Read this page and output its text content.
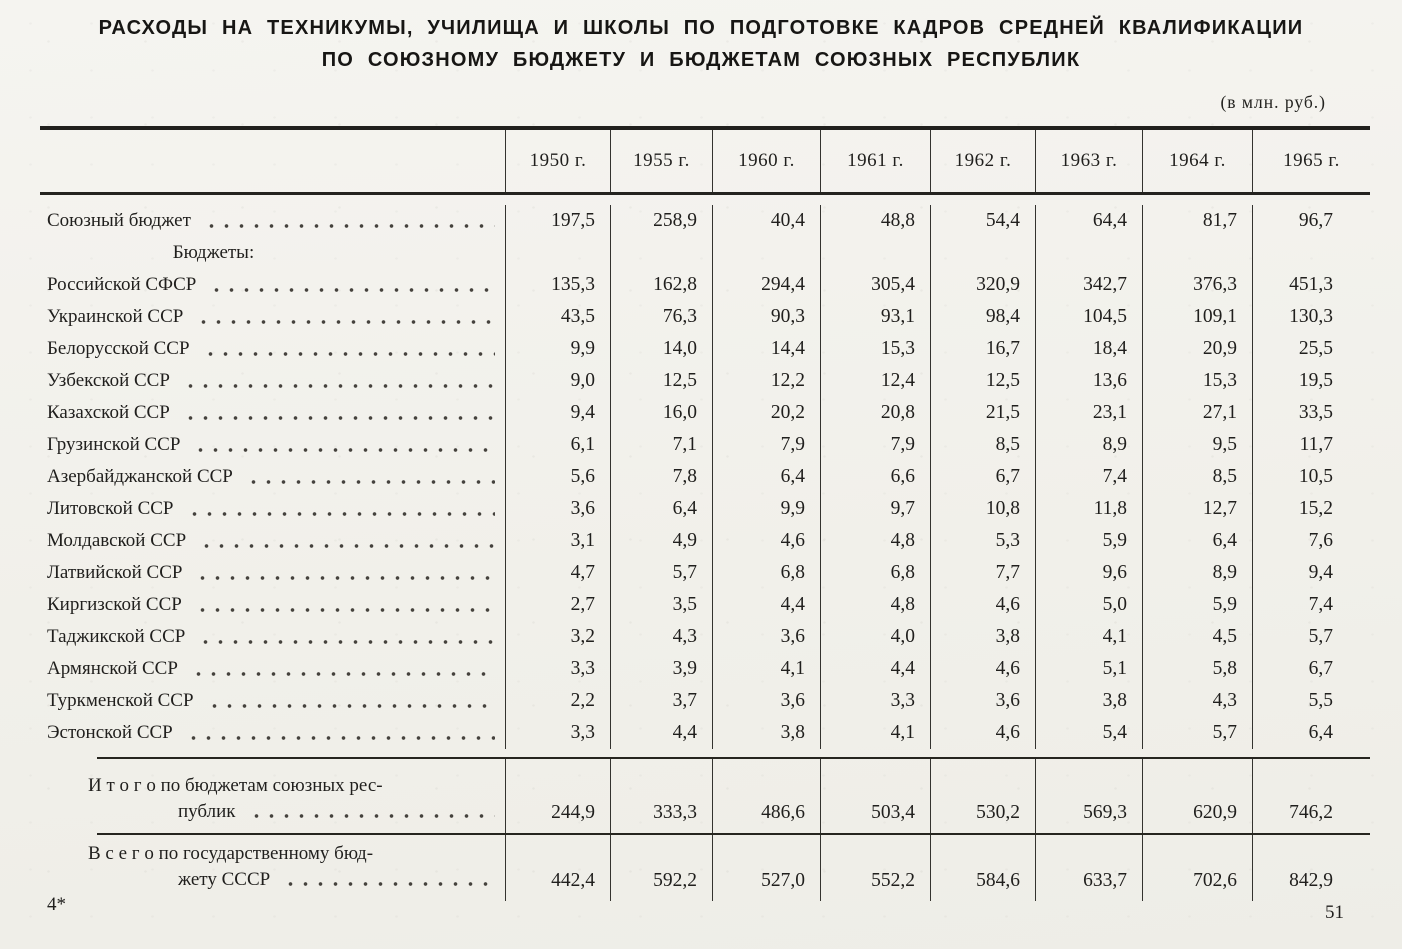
РАСХОДЫ НА ТЕХНИКУМЫ, УЧИЛИЩА И ШКОЛЫ ПО ПОДГОТОВКЕ КАДРОВ СРЕДНЕЙ КВАЛИФИКАЦИИ
ПО СОЮЗНОМУ БЮДЖЕТУ И БЮДЖЕТАМ СОЮЗНЫХ РЕСПУБЛИК
(в млн. руб.)
1950 г.	1955 г.	1960 г.	1961 г.	1962 г.	1963 г.	1964 г.	1965 г.
Союзный бюджет	197,5	258,9	40,4	48,8	54,4	64,4	81,7	96,7
Бюджеты:
Российской СФСР	135,3	162,8	294,4	305,4	320,9	342,7	376,3	451,3
Украинской ССР	43,5	76,3	90,3	93,1	98,4	104,5	109,1	130,3
Белорусской ССР	9,9	14,0	14,4	15,3	16,7	18,4	20,9	25,5
Узбекской ССР	9,0	12,5	12,2	12,4	12,5	13,6	15,3	19,5
Казахской ССР	9,4	16,0	20,2	20,8	21,5	23,1	27,1	33,5
Грузинской ССР	6,1	7,1	7,9	7,9	8,5	8,9	9,5	11,7
Азербайджанской ССР	5,6	7,8	6,4	6,6	6,7	7,4	8,5	10,5
Литовской ССР	3,6	6,4	9,9	9,7	10,8	11,8	12,7	15,2
Молдавской ССР	3,1	4,9	4,6	4,8	5,3	5,9	6,4	7,6
Латвийской ССР	4,7	5,7	6,8	6,8	7,7	9,6	8,9	9,4
Киргизской ССР	2,7	3,5	4,4	4,8	4,6	5,0	5,9	7,4
Таджикской ССР	3,2	4,3	3,6	4,0	3,8	4,1	4,5	5,7
Армянской ССР	3,3	3,9	4,1	4,4	4,6	5,1	5,8	6,7
Туркменской ССР	2,2	3,7	3,6	3,3	3,6	3,8	4,3	5,5
Эстонской ССР	3,3	4,4	3,8	4,1	4,6	5,4	5,7	6,4
И т о г о по бюджетам союзных рес-
публик	244,9	333,3	486,6	503,4	530,2	569,3	620,9	746,2
В с е г о по государственному бюд-
жету СССР	442,4	592,2	527,0	552,2	584,6	633,7	702,6	842,9
4*	51
